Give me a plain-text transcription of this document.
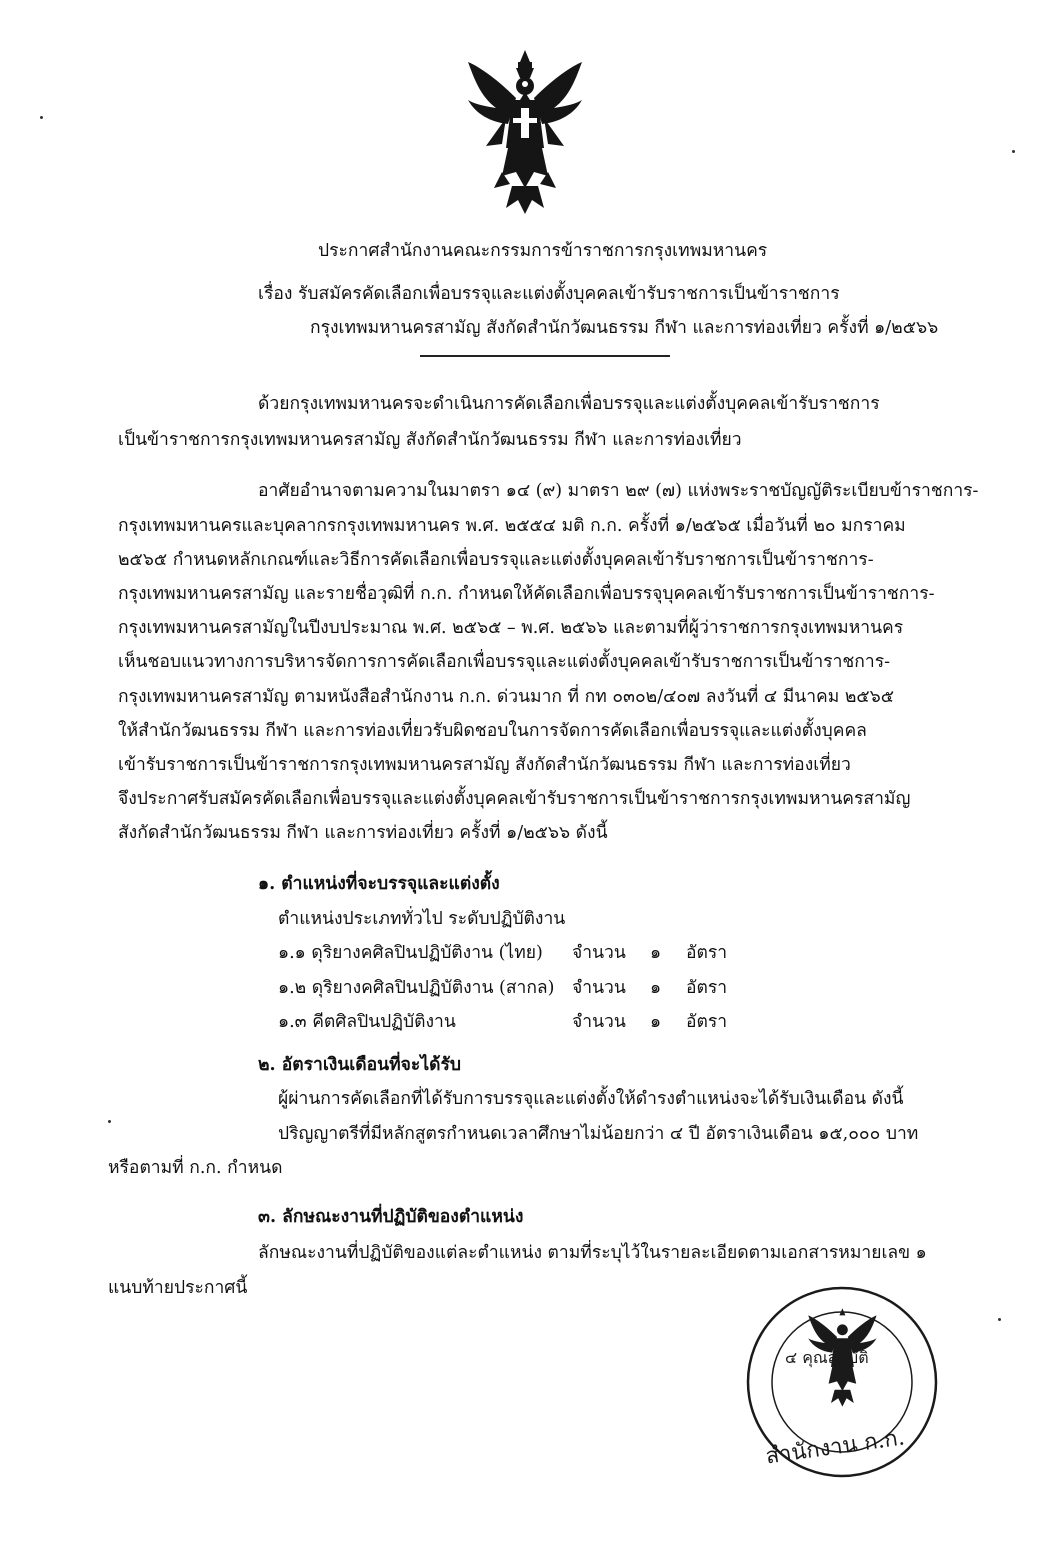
ประกาศสำนักงานคณะกรรมการข้าราชการกรุงเทพมหานคร
เรื่อง รับสมัครคัดเลือกเพื่อบรรจุและแต่งตั้งบุคคลเข้ารับราชการเป็นข้าราชการ
กรุงเทพมหานครสามัญ สังกัดสำนักวัฒนธรรม กีฬา และการท่องเที่ยว ครั้งที่ ๑/๒๕๖๖
ด้วยกรุงเทพมหานครจะดำเนินการคัดเลือกเพื่อบรรจุและแต่งตั้งบุคคลเข้ารับราชการ
เป็นข้าราชการกรุงเทพมหานครสามัญ สังกัดสำนักวัฒนธรรม กีฬา และการท่องเที่ยว
อาศัยอำนาจตามความในมาตรา ๑๔ (๙) มาตรา ๒๙ (๗) แห่งพระราชบัญญัติระเบียบข้าราชการ-
กรุงเทพมหานครและบุคลากรกรุงเทพมหานคร พ.ศ. ๒๕๕๔ มติ ก.ก. ครั้งที่ ๑/๒๕๖๕ เมื่อวันที่ ๒๐ มกราคม
๒๕๖๕ กำหนดหลักเกณฑ์และวิธีการคัดเลือกเพื่อบรรจุและแต่งตั้งบุคคลเข้ารับราชการเป็นข้าราชการ-
กรุงเทพมหานครสามัญ และรายชื่อวุฒิที่ ก.ก. กำหนดให้คัดเลือกเพื่อบรรจุบุคคลเข้ารับราชการเป็นข้าราชการ-
กรุงเทพมหานครสามัญในปีงบประมาณ พ.ศ. ๒๕๖๕ – พ.ศ. ๒๕๖๖ และตามที่ผู้ว่าราชการกรุงเทพมหานคร
เห็นชอบแนวทางการบริหารจัดการการคัดเลือกเพื่อบรรจุและแต่งตั้งบุคคลเข้ารับราชการเป็นข้าราชการ-
กรุงเทพมหานครสามัญ ตามหนังสือสำนักงาน ก.ก. ด่วนมาก ที่ กท ๐๓๐๒/๔๐๗ ลงวันที่ ๔ มีนาคม ๒๕๖๕
ให้สำนักวัฒนธรรม กีฬา และการท่องเที่ยวรับผิดชอบในการจัดการคัดเลือกเพื่อบรรจุและแต่งตั้งบุคคล
เข้ารับราชการเป็นข้าราชการกรุงเทพมหานครสามัญ สังกัดสำนักวัฒนธรรม กีฬา และการท่องเที่ยว
จึงประกาศรับสมัครคัดเลือกเพื่อบรรจุและแต่งตั้งบุคคลเข้ารับราชการเป็นข้าราชการกรุงเทพมหานครสามัญ
สังกัดสำนักวัฒนธรรม กีฬา และการท่องเที่ยว ครั้งที่ ๑/๒๕๖๖ ดังนี้
๑. ตำแหน่งที่จะบรรจุและแต่งตั้ง
ตำแหน่งประเภททั่วไป ระดับปฏิบัติงาน
๑.๑ ดุริยางคศิลปินปฏิบัติงาน (ไทย) จำนวน ๑ อัตรา
๑.๒ ดุริยางคศิลปินปฏิบัติงาน (สากล) จำนวน ๑ อัตรา
๑.๓ คีตศิลปินปฏิบัติงาน	จำนวน ๑ อัตรา
๒. อัตราเงินเดือนที่จะได้รับ
ผู้ผ่านการคัดเลือกที่ได้รับการบรรจุและแต่งตั้งให้ดำรงตำแหน่งจะได้รับเงินเดือน ดังนี้
ปริญญาตรีที่มีหลักสูตรกำหนดเวลาศึกษาไม่น้อยกว่า ๔ ปี อัตราเงินเดือน ๑๕,๐๐๐ บาท
หรือตามที่ ก.ก. กำหนด
๓. ลักษณะงานที่ปฏิบัติของตำแหน่ง
ลักษณะงานที่ปฏิบัติของแต่ละตำแหน่ง ตามที่ระบุไว้ในรายละเอียดตามเอกสารหมายเลข ๑
แนบท้ายประกาศนี้
๔ คุณสมบัติ
สำนักงาน ก.ก.
